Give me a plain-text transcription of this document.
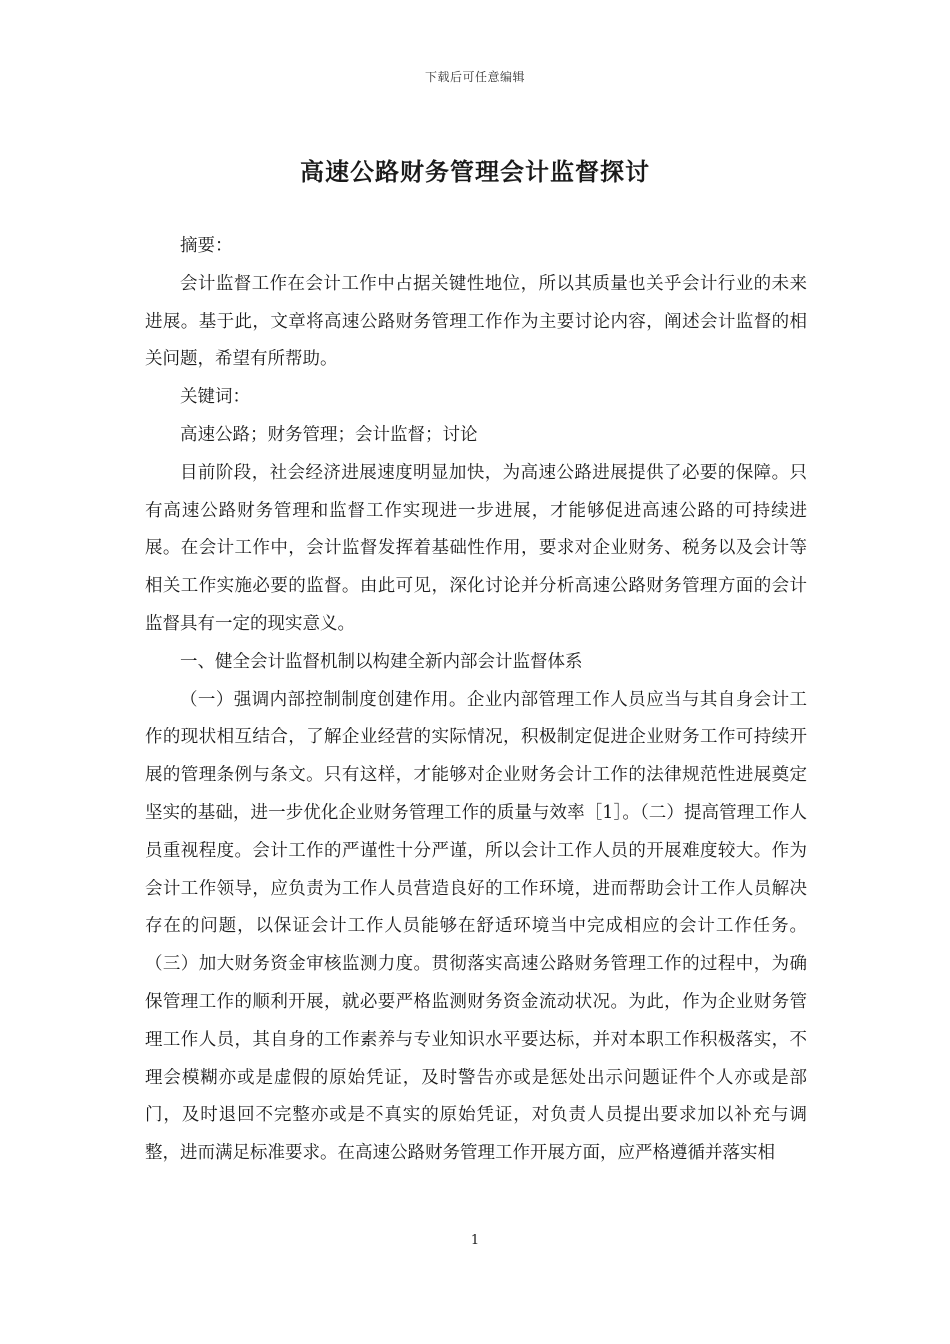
下载后可任意编辑
高速公路财务管理会计监督探讨

摘要：

会计监督工作在会计工作中占据关键性地位，所以其质量也关乎会计行业的未来进展。基于此，文章将高速公路财务管理工作作为主要讨论内容，阐述会计监督的相关问题，希望有所帮助。

关键词：

高速公路；财务管理；会计监督；讨论

目前阶段，社会经济进展速度明显加快，为高速公路进展提供了必要的保障。只有高速公路财务管理和监督工作实现进一步进展，才能够促进高速公路的可持续进展。在会计工作中，会计监督发挥着基础性作用，要求对企业财务、税务以及会计等相关工作实施必要的监督。由此可见，深化讨论并分析高速公路财务管理方面的会计监督具有一定的现实意义。

一、健全会计监督机制以构建全新内部会计监督体系

（一）强调内部控制制度创建作用。企业内部管理工作人员应当与其自身会计工作的现状相互结合，了解企业经营的实际情况，积极制定促进企业财务工作可持续开展的管理条例与条文。只有这样，才能够对企业财务会计工作的法律规范性进展奠定坚实的基础，进一步优化企业财务管理工作的质量与效率［1］。（二）提高管理工作人员重视程度。会计工作的严谨性十分严谨，所以会计工作人员的开展难度较大。作为会计工作领导，应负责为工作人员营造良好的工作环境，进而帮助会计工作人员解决存在的问题，以保证会计工作人员能够在舒适环境当中完成相应的会计工作任务。（三）加大财务资金审核监测力度。贯彻落实高速公路财务管理工作的过程中，为确保管理工作的顺利开展，就必要严格监测财务资金流动状况。为此，作为企业财务管理工作人员，其自身的工作素养与专业知识水平要达标，并对本职工作积极落实，不理会模糊亦或是虚假的原始凭证，及时警告亦或是惩处出示问题证件个人亦或是部门，及时退回不完整亦或是不真实的原始凭证，对负责人员提出要求加以补充与调整，进而满足标准要求。在高速公路财务管理工作开展方面，应严格遵循并落实相

1
